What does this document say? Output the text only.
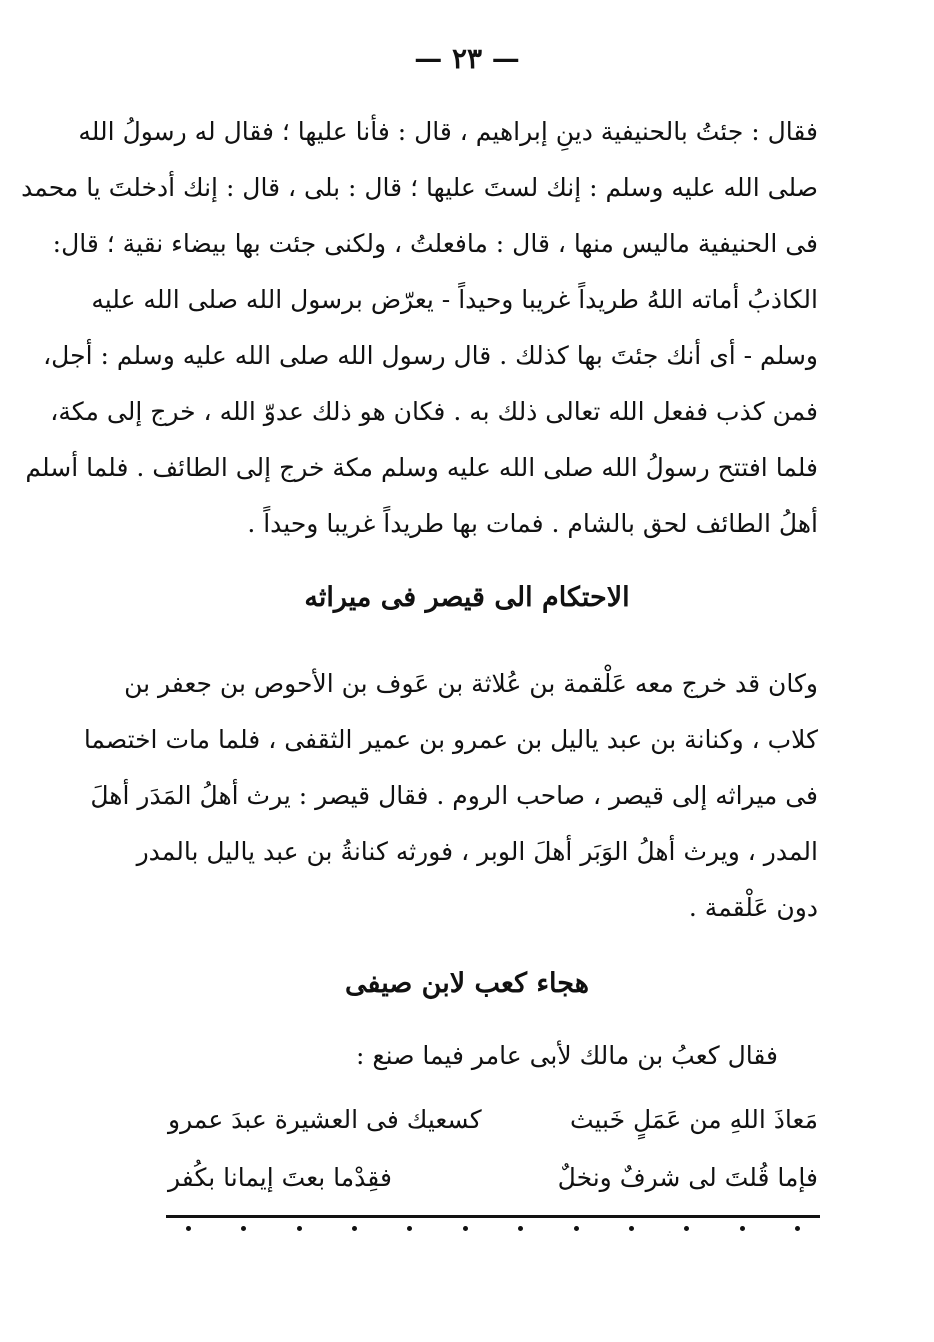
— ٢٣ —
فقال : جئتُ بالحنيفية دينِ إبراهيم ، قال : فأنا عليها ؛ فقال له رسولُ الله
صلى الله عليه وسلم : إنك لستَ عليها ؛ قال : بلى ، قال : إنك أدخلتَ يا محمد
فى الحنيفية ماليس منها ، قال : مافعلتُ ، ولكنى جئت بها بيضاء نقية ؛ قال:
الكاذبُ أماته اللهُ طريداً غريبا وحيداً - يعرّض برسول الله صلى الله عليه
وسلم - أى أنك جئتَ بها كذلك . قال رسول الله صلى الله عليه وسلم : أجل،
فمن كذب ففعل الله تعالى ذلك به . فكان هو ذلك عدوّ الله ، خرج إلى مكة،
فلما افتتح رسولُ الله صلى الله عليه وسلم مكة خرج إلى الطائف . فلما أسلم
أهلُ الطائف لحق بالشام . فمات بها طريداً غريبا وحيداً .
الاحتكام الى قيصر فى ميراثه
وكان قد خرج معه عَلْقمة بن عُلاثة بن عَوف بن الأحوص بن جعفر بن
كلاب ، وكنانة بن عبد ياليل بن عمرو بن عمير الثقفى ، فلما مات اختصما
فى ميراثه إلى قيصر ، صاحب الروم . فقال قيصر : يرث أهلُ المَدَر أهلَ
المدر ، ويرث أهلُ الوَبَر أهلَ الوبر ، فورثه كنانةُ بن عبد ياليل بالمدر
دون عَلْقمة .
هجاء كعب لابن صيفى
فقال كعبُ بن مالك لأبى عامر فيما صنع :
مَعاذَ اللهِ من عَمَلٍ خَبيث
كسعيك فى العشيرة عبدَ عمرو
فإما قُلتَ لى شرفٌ ونخلٌ
فقِدْما بعتَ إيمانا بكُفر
